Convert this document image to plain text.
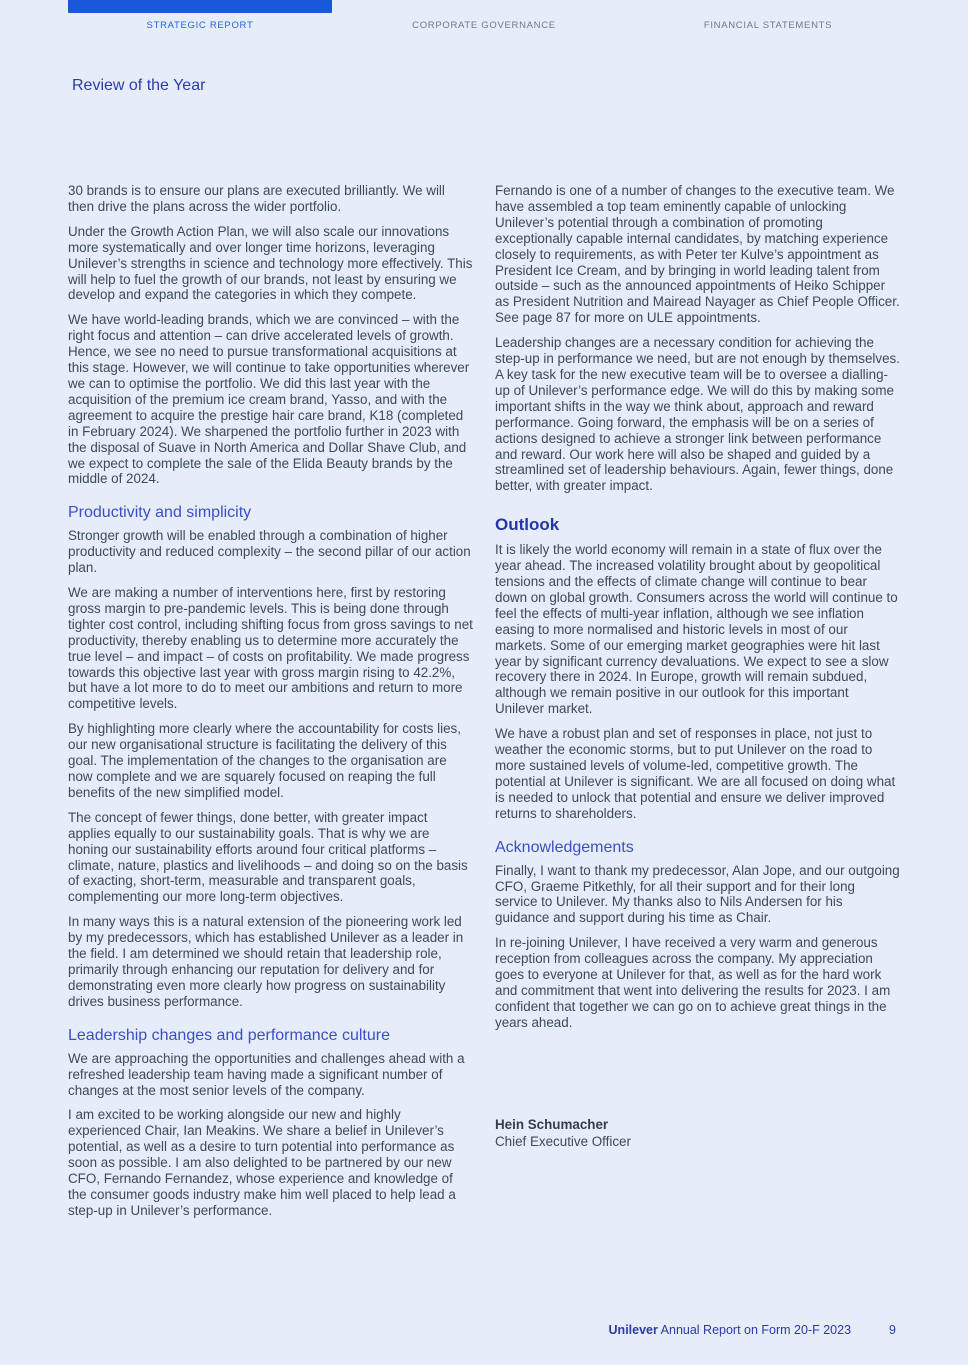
STRATEGIC REPORT	CORPORATE GOVERNANCE	FINANCIAL STATEMENTS
Review of the Year
30 brands is to ensure our plans are executed brilliantly. We will then drive the plans across the wider portfolio.
Under the Growth Action Plan, we will also scale our innovations more systematically and over longer time horizons, leveraging Unilever’s strengths in science and technology more effectively. This will help to fuel the growth of our brands, not least by ensuring we develop and expand the categories in which they compete.
We have world-leading brands, which we are convinced – with the right focus and attention – can drive accelerated levels of growth. Hence, we see no need to pursue transformational acquisitions at this stage. However, we will continue to take opportunities wherever we can to optimise the portfolio. We did this last year with the acquisition of the premium ice cream brand, Yasso, and with the agreement to acquire the prestige hair care brand, K18 (completed in February 2024). We sharpened the portfolio further in 2023 with the disposal of Suave in North America and Dollar Shave Club, and we expect to complete the sale of the Elida Beauty brands by the middle of 2024.
Productivity and simplicity
Stronger growth will be enabled through a combination of higher productivity and reduced complexity – the second pillar of our action plan.
We are making a number of interventions here, first by restoring gross margin to pre-pandemic levels. This is being done through tighter cost control, including shifting focus from gross savings to net productivity, thereby enabling us to determine more accurately the true level – and impact – of costs on profitability. We made progress towards this objective last year with gross margin rising to 42.2%, but have a lot more to do to meet our ambitions and return to more competitive levels.
By highlighting more clearly where the accountability for costs lies, our new organisational structure is facilitating the delivery of this goal. The implementation of the changes to the organisation are now complete and we are squarely focused on reaping the full benefits of the new simplified model.
The concept of fewer things, done better, with greater impact applies equally to our sustainability goals. That is why we are honing our sustainability efforts around four critical platforms – climate, nature, plastics and livelihoods – and doing so on the basis of exacting, short-term, measurable and transparent goals, complementing our more long-term objectives.
In many ways this is a natural extension of the pioneering work led by my predecessors, which has established Unilever as a leader in the field. I am determined we should retain that leadership role, primarily through enhancing our reputation for delivery and for demonstrating even more clearly how progress on sustainability drives business performance.
Leadership changes and performance culture
We are approaching the opportunities and challenges ahead with a refreshed leadership team having made a significant number of changes at the most senior levels of the company.
I am excited to be working alongside our new and highly experienced Chair, Ian Meakins. We share a belief in Unilever’s potential, as well as a desire to turn potential into performance as soon as possible. I am also delighted to be partnered by our new CFO, Fernando Fernandez, whose experience and knowledge of the consumer goods industry make him well placed to help lead a step-up in Unilever’s performance.
Fernando is one of a number of changes to the executive team. We have assembled a top team eminently capable of unlocking Unilever’s potential through a combination of promoting exceptionally capable internal candidates, by matching experience closely to requirements, as with Peter ter Kulve’s appointment as President Ice Cream, and by bringing in world leading talent from outside – such as the announced appointments of Heiko Schipper as President Nutrition and Mairead Nayager as Chief People Officer. See page 87 for more on ULE appointments.
Leadership changes are a necessary condition for achieving the step-up in performance we need, but are not enough by themselves. A key task for the new executive team will be to oversee a dialling-up of Unilever’s performance edge. We will do this by making some important shifts in the way we think about, approach and reward performance. Going forward, the emphasis will be on a series of actions designed to achieve a stronger link between performance and reward. Our work here will also be shaped and guided by a streamlined set of leadership behaviours. Again, fewer things, done better, with greater impact.
Outlook
It is likely the world economy will remain in a state of flux over the year ahead. The increased volatility brought about by geopolitical tensions and the effects of climate change will continue to bear down on global growth. Consumers across the world will continue to feel the effects of multi-year inflation, although we see inflation easing to more normalised and historic levels in most of our markets. Some of our emerging market geographies were hit last year by significant currency devaluations. We expect to see a slow recovery there in 2024. In Europe, growth will remain subdued, although we remain positive in our outlook for this important Unilever market.
We have a robust plan and set of responses in place, not just to weather the economic storms, but to put Unilever on the road to more sustained levels of volume-led, competitive growth. The potential at Unilever is significant. We are all focused on doing what is needed to unlock that potential and ensure we deliver improved returns to shareholders.
Acknowledgements
Finally, I want to thank my predecessor, Alan Jope, and our outgoing CFO, Graeme Pitkethly, for all their support and for their long service to Unilever. My thanks also to Nils Andersen for his guidance and support during his time as Chair.
In re-joining Unilever, I have received a very warm and generous reception from colleagues across the company. My appreciation goes to everyone at Unilever for that, as well as for the hard work and commitment that went into delivering the results for 2023. I am confident that together we can go on to achieve great things in the years ahead.
Hein Schumacher
Chief Executive Officer
Unilever Annual Report on Form 20-F 2023	9
